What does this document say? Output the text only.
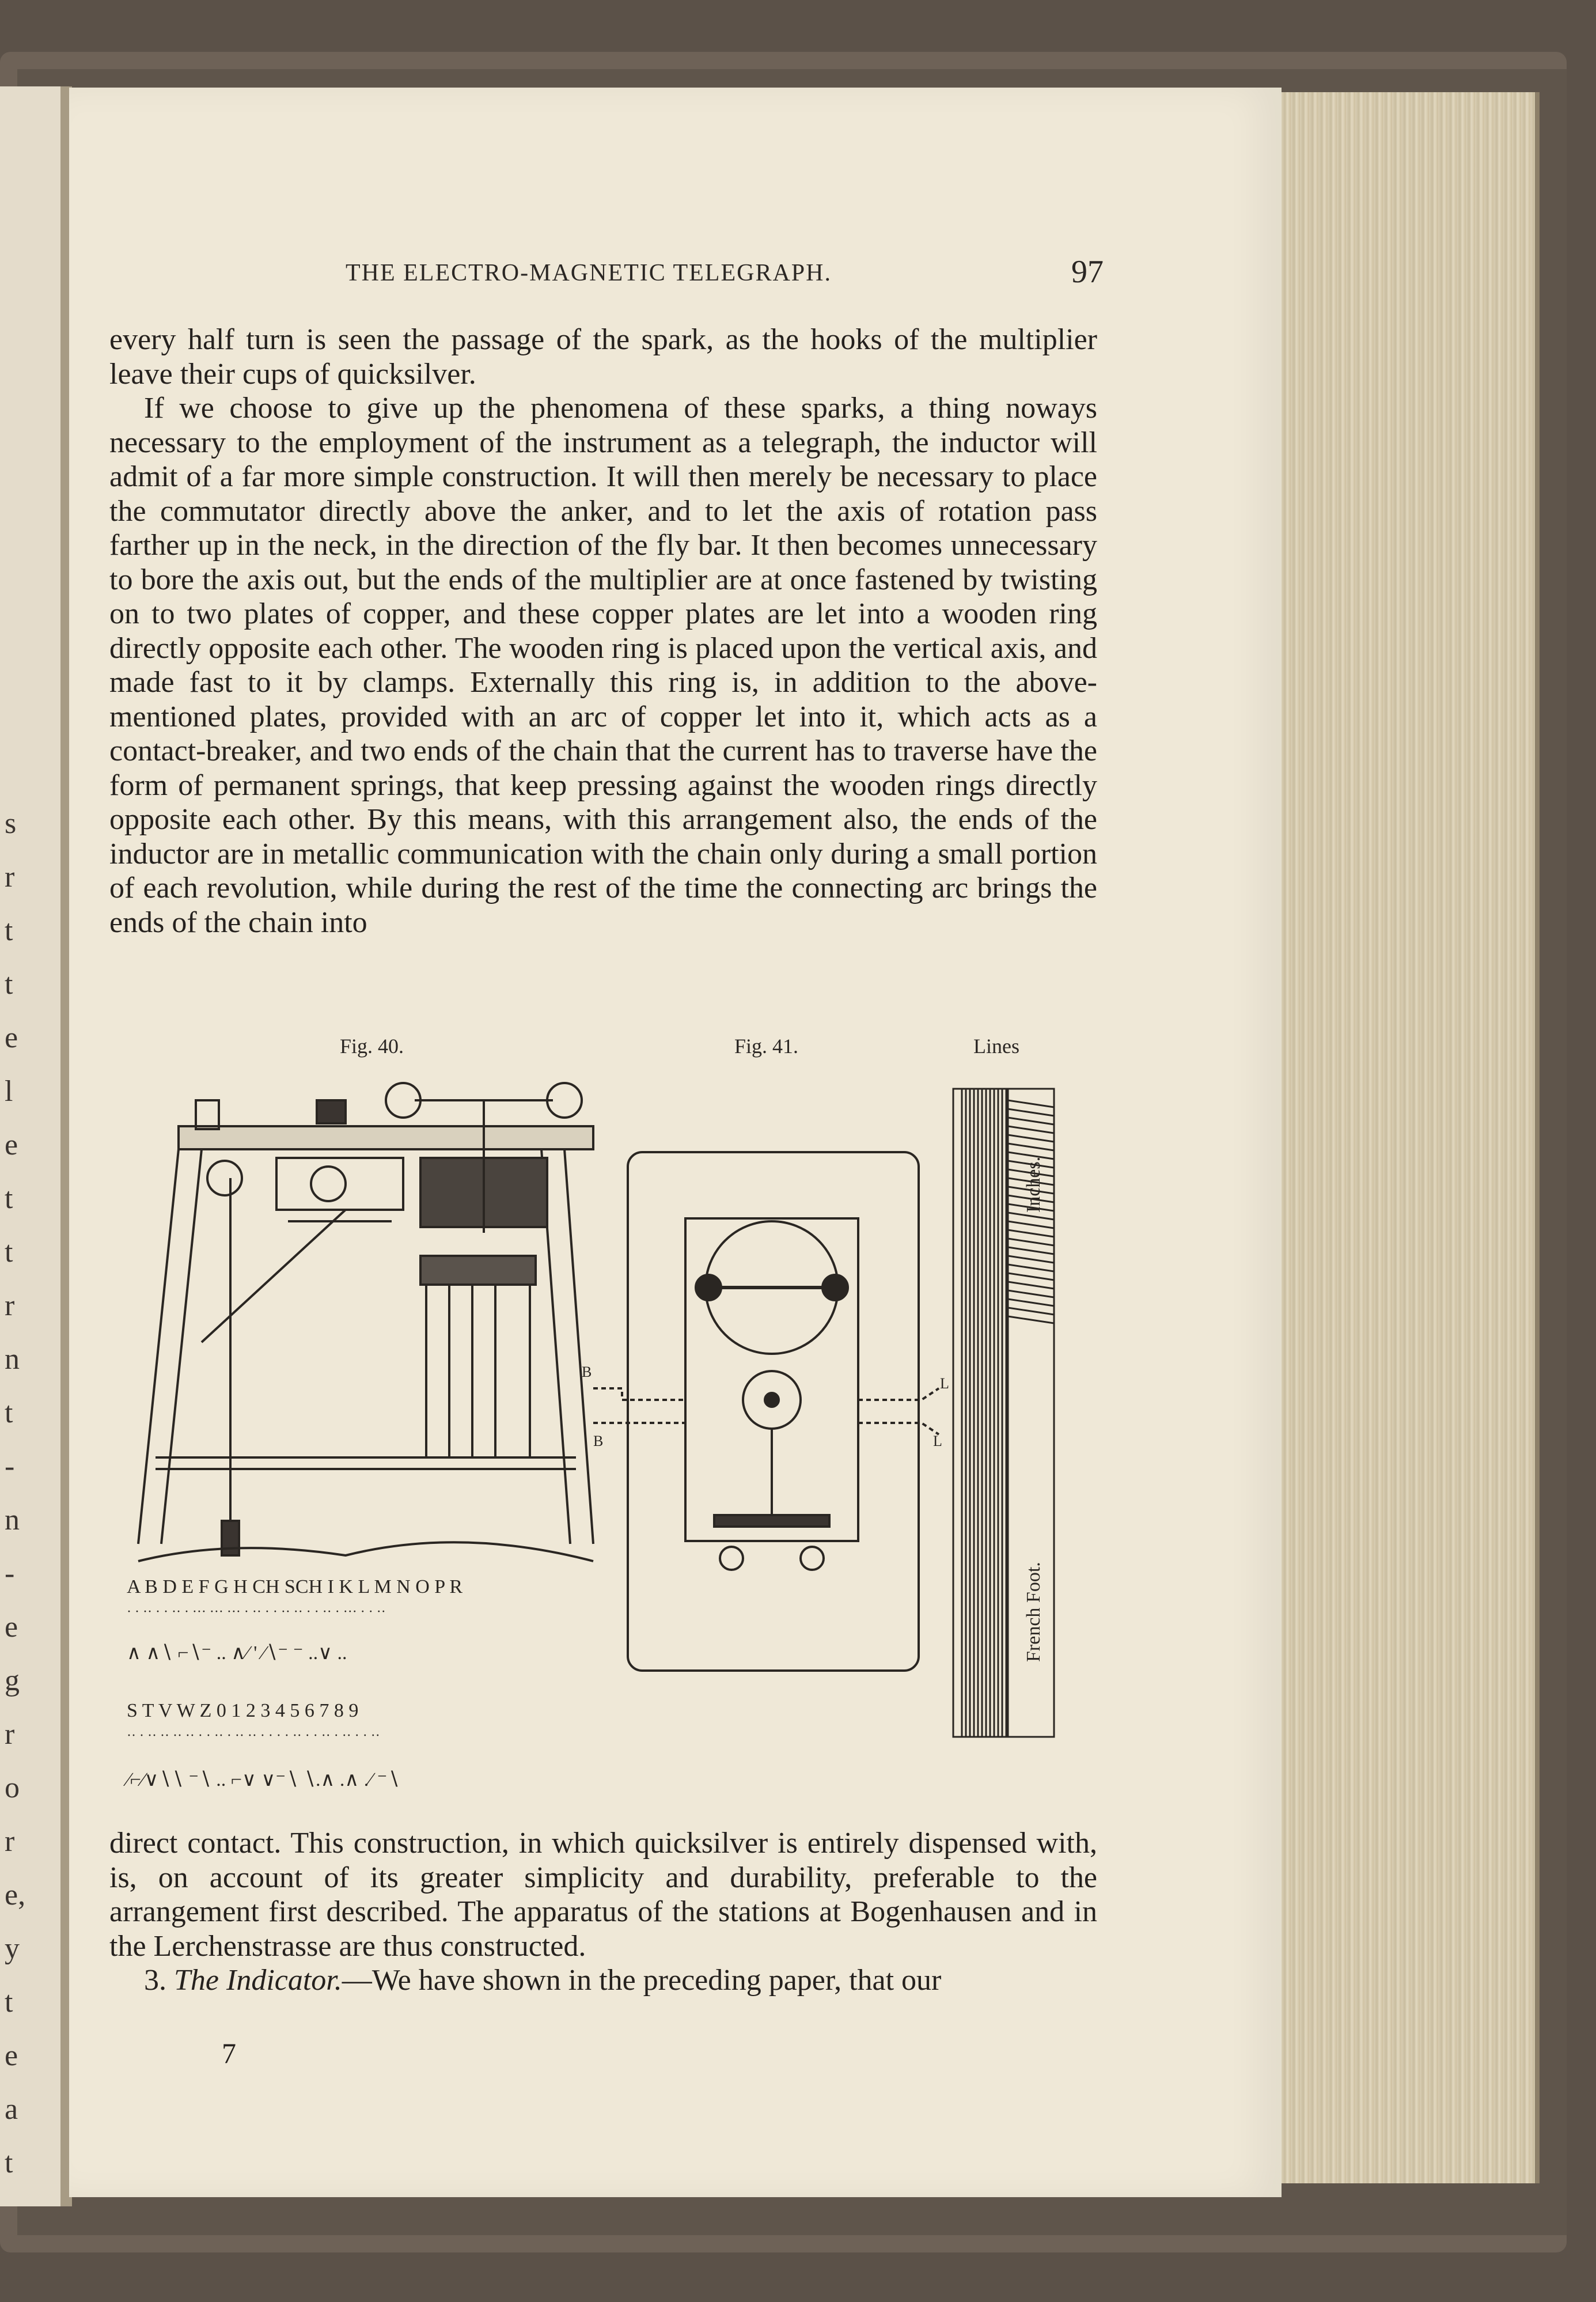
s
r
t
t
e
l
e
t
t
r
n
t
-
n
-
e
g
r
o
r
e,
y
t
e
a
t
THE ELECTRO-MAGNETIC TELEGRAPH.	97

every half turn is seen the passage of the spark, as the hooks of the multiplier leave their cups of quicksilver.

If we choose to give up the phenomena of these sparks, a thing noways necessary to the employment of the instrument as a telegraph, the inductor will admit of a far more simple construction. It will then merely be necessary to place the commutator directly above the anker, and to let the axis of rotation pass farther up in the neck, in the direction of the fly bar. It then becomes unnecessary to bore the axis out, but the ends of the multiplier are at once fastened by twisting on to two plates of copper, and these copper plates are let into a wooden ring directly opposite each other. The wooden ring is placed upon the vertical axis, and made fast to it by clamps. Externally this ring is, in addition to the above-mentioned plates, provided with an arc of copper let into it, which acts as a contact-breaker, and two ends of the chain that the current has to traverse have the form of permanent springs, that keep pressing against the wooden rings directly opposite each other. By this means, with this arrangement also, the ends of the inductor are in metallic communication with the chain only during a small portion of each revolution, while during the rest of the time the connecting arc brings the ends of the chain into

Fig. 40.	Fig. 41.	Lines
A B D E F G H CH SCH I K L M N O P R
· · ·· · · ·· · ··· ··· ··· · ·· · · ·· ·· · · ·· · ··· · · ··
∧ ∧∖ ⌐∖⁻ .. ∧∕ ' ∕∖⁻ ⁻ ..∨ ..
S T V W Z 0 1 2 3 4 5 6 7 8 9
·· · ·· ·· ·· ·· · · ·· · ·· ·· · · · · ·· · · ·· · ·· · · ··
∕⌐∕∨∖∖ ⁻∖ .. ⌐∨ ∨⁻∖ ∖.∧ .∧ .∕ ⁻∖
B
B
L
L
Inches.
French Foot.

direct contact. This construction, in which quicksilver is entirely dispensed with, is, on account of its greater simplicity and durability, preferable to the arrangement first described. The apparatus of the stations at Bogenhausen and in the Lerchenstrasse are thus constructed.

3. The Indicator.—We have shown in the preceding paper, that our

7
